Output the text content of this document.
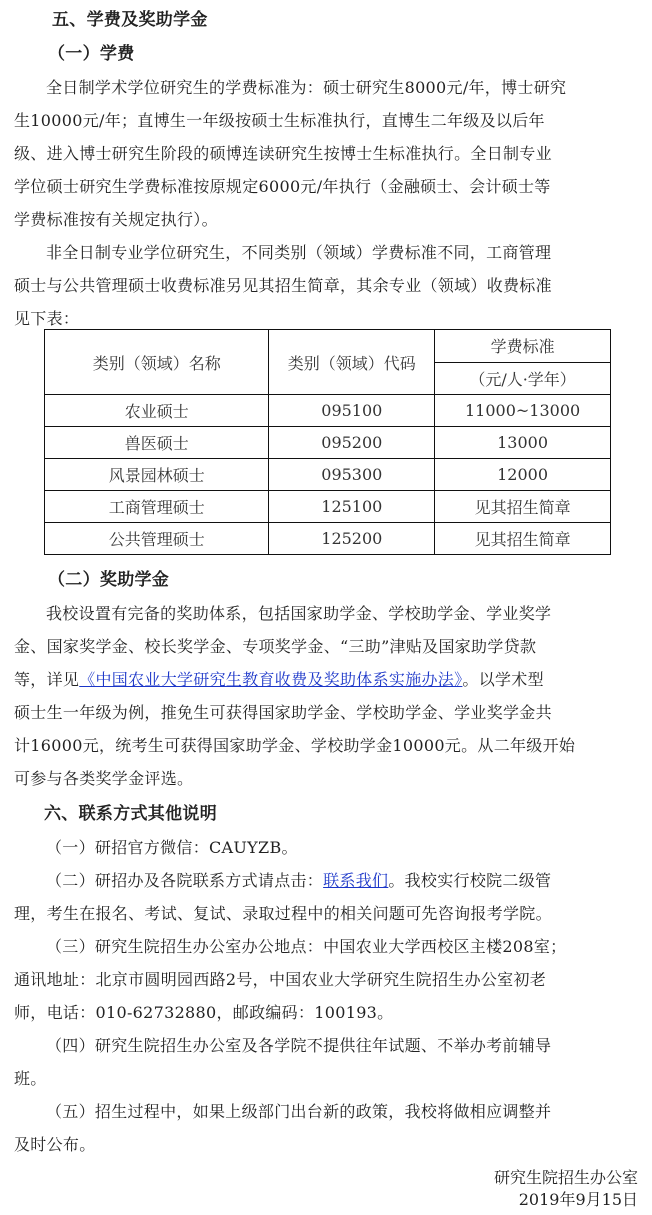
五、学费及奖助学金
（一）学费
全日制学术学位研究生的学费标准为：硕士研究生8000元/年，博士研究
生10000元/年；直博生一年级按硕士生标准执行，直博生二年级及以后年
级、进入博士研究生阶段的硕博连读研究生按博士生标准执行。全日制专业
学位硕士研究生学费标准按原规定6000元/年执行（金融硕士、会计硕士等
学费标准按有关规定执行）。
非全日制专业学位研究生，不同类别（领域）学费标准不同，工商管理
硕士与公共管理硕士收费标准另见其招生简章，其余专业（领域）收费标准
见下表：
类别（领域）名称	类别（领域）代码	学费标准
		（元/人·学年）
农业硕士	095100	11000~13000
兽医硕士	095200	13000
风景园林硕士	095300	12000
工商管理硕士	125100	见其招生简章
公共管理硕士	125200	见其招生简章
（二）奖助学金
我校设置有完备的奖助体系，包括国家助学金、学校助学金、学业奖学
金、国家奖学金、校长奖学金、专项奖学金、“三助”津贴及国家助学贷款
等，详见《中国农业大学研究生教育收费及奖助体系实施办法》。以学术型
硕士生一年级为例，推免生可获得国家助学金、学校助学金、学业奖学金共
计16000元，统考生可获得国家助学金、学校助学金10000元。从二年级开始
可参与各类奖学金评选。
六、联系方式其他说明
（一）研招官方微信：CAUYZB。
（二）研招办及各院联系方式请点击：联系我们。我校实行校院二级管
理，考生在报名、考试、复试、录取过程中的相关问题可先咨询报考学院。
（三）研究生院招生办公室办公地点：中国农业大学西校区主楼208室；
通讯地址：北京市圆明园西路2号，中国农业大学研究生院招生办公室初老
师，电话：010-62732880，邮政编码：100193。
（四）研究生院招生办公室及各学院不提供往年试题、不举办考前辅导
班。
（五）招生过程中，如果上级部门出台新的政策，我校将做相应调整并
及时公布。
研究生院招生办公室
2019年9月15日
